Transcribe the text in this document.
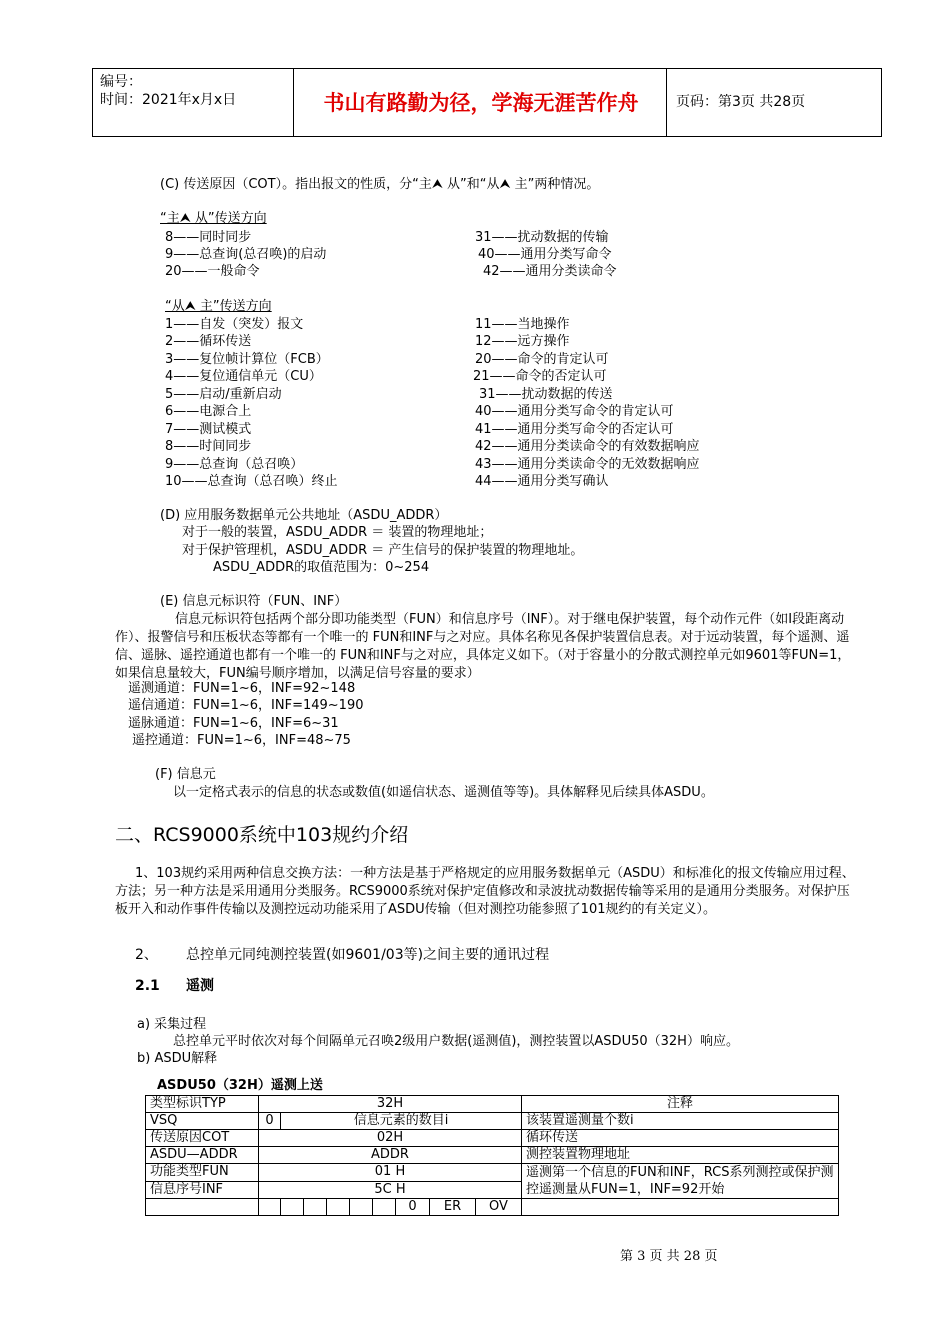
编号：
时间：2021年x月x日	书山有路勤为径，学海无涯苦作舟	页码：第3页 共28页
(C) 传送原因（COT）。指出报文的性质，分“主⮝ 从”和“从⮝ 主”两种情况。
“主⮝ 从”传送方向
8——同时同步
9——总查询(总召唤)的启动
20——一般命令
31——扰动数据的传输
40——通用分类写命令
42——通用分类读命令
“从⮝ 主”传送方向
1——自发（突发）报文
2——循环传送
3——复位帧计算位（FCB）
4——复位通信单元（CU）
5——启动/重新启动
6——电源合上
7——测试模式
8——时间同步
9——总查询（总召唤）
10——总查询（总召唤）终止
11——当地操作
12——远方操作
20——命令的肯定认可
21——命令的否定认可
31——扰动数据的传送
40——通用分类写命令的肯定认可
41——通用分类写命令的否定认可
42——通用分类读命令的有效数据响应
43——通用分类读命令的无效数据响应
44——通用分类写确认
(D) 应用服务数据单元公共地址（ASDU_ADDR）
对于一般的装置，ASDU_ADDR ＝ 装置的物理地址；
对于保护管理机，ASDU_ADDR ＝ 产生信号的保护装置的物理地址。
ASDU_ADDR的取值范围为：0~254
(E) 信息元标识符（FUN、INF）
信息元标识符包括两个部分即功能类型（FUN）和信息序号（INF）。对于继电保护装置，每个动作元件（如Ⅰ段距离动作）、报警信号和压板状态等都有一个唯一的 FUN和INF与之对应。具体名称见各保护装置信息表。对于远动装置，每个遥测、遥信、遥脉、遥控通道也都有一个唯一的 FUN和INF与之对应，具体定义如下。（对于容量小的分散式测控单元如9601等FUN=1，如果信息量较大，FUN编号顺序增加，以满足信号容量的要求）
遥测通道：FUN=1~6，INF=92~148
遥信通道：FUN=1~6，INF=149~190
遥脉通道：FUN=1~6，INF=6~31
遥控通道：FUN=1~6，INF=48~75
(F) 信息元
以一定格式表示的信息的状态或数值(如遥信状态、遥测值等等)。具体解释见后续具体ASDU。
二、RCS9000系统中103规约介绍
1、103规约采用两种信息交换方法：一种方法是基于严格规定的应用服务数据单元（ASDU）和标准化的报文传输应用过程、方法；另一种方法是采用通用分类服务。RCS9000系统对保护定值修改和录波扰动数据传输等采用的是通用分类服务。对保护压板开入和动作事件传输以及测控远动功能采用了ASDU传输（但对测控功能参照了101规约的有关定义）。
2、 总控单元同纯测控装置(如9601/03等)之间主要的通讯过程
2.1 遥测
a) 采集过程
总控单元平时依次对每个间隔单元召唤2级用户数据(遥测值)，测控装置以ASDU50（32H）响应。
b) ASDU解释
ASDU50（32H）遥测上送
类型标识TYP	32H									注释
VSQ	0	信息元素的数目i								该装置遥测量个数i
传送原因COT	02H									循环传送
ASDU—ADDR	ADDR									测控装置物理地址
功能类型FUN	01 H									遥测第一个信息的FUN和INF，RCS系列测控或保护测控遥测量从FUN=1，INF=92开始
信息序号INF	5C H									
							0	ER	OV	
第 3 页 共 28 页
